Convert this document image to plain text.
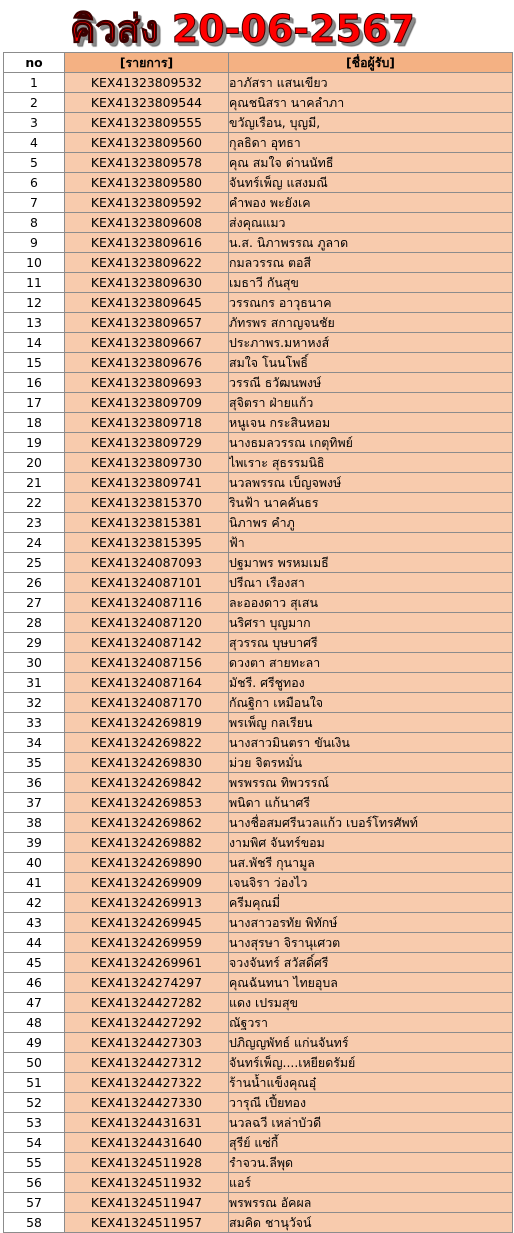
คิวส่ง 20-06-2567
no	[รายการ]	[ชื่อผู้รับ]
1	KEX41323809532	อาภัสรา แสนเขียว
2	KEX41323809544	คุณชนิสรา นาคลำภา
3	KEX41323809555	ขวัญเรือน, บุญมี,
4	KEX41323809560	กุลธิดา อุทธา
5	KEX41323809578	คุณ สมใจ ด่านนัทธี
6	KEX41323809580	จันทร์เพ็ญ แสงมณี
7	KEX41323809592	คำพอง พะยังเค
8	KEX41323809608	ส่งคุณแมว
9	KEX41323809616	น.ส. นิภาพรรณ ภูลาด
10	KEX41323809622	กมลวรรณ ตอสี
11	KEX41323809630	เมธาวี กันสุข
12	KEX41323809645	วรรณกร อาวุธนาค
13	KEX41323809657	ภัทรพร สกาญจนชัย
14	KEX41323809667	ประภาพร.มหาหงส์
15	KEX41323809676	สมใจ โนนโพธิ์
16	KEX41323809693	วรรณี ธวัฒนพงษ์
17	KEX41323809709	สุจิตรา ฝ่ายแก้ว
18	KEX41323809718	หนูเจน กระสินหอม
19	KEX41323809729	นางธมลวรรณ เกตุทิพย์
20	KEX41323809730	ไพเราะ สุธรรมนิธิ
21	KEX41323809741	นวลพรรณ เบ็ญจพงษ์
22	KEX41323815370	รินฟ้า นาคคันธร
23	KEX41323815381	นิภาพร คำภู
24	KEX41323815395	ฟ้า
25	KEX41324087093	ปฐมาพร พรหมเมธี
26	KEX41324087101	ปรีณา เรืองสา
27	KEX41324087116	ละอองดาว สุเสน
28	KEX41324087120	นริศรา บุญมาก
29	KEX41324087142	สุวรรณ บุษบาศรี
30	KEX41324087156	ดวงตา สายทะลา
31	KEX41324087164	มัชรี. ศรีชูทอง
32	KEX41324087170	กัณฐิกา เหมือนใจ
33	KEX41324269819	พรเพ็ญ กลเรียน
34	KEX41324269822	นางสาวมินตรา ขันเงิน
35	KEX41324269830	ม่วย จิตรหมั่น
36	KEX41324269842	พรพรรณ ทิพวรรณ์
37	KEX41324269853	พนิดา แก้นาศรี
38	KEX41324269862	นางชื่อสมศรีนวลแก้ว เบอร์โทรศัพท์
39	KEX41324269882	งามพิศ จันทร์ขอม
40	KEX41324269890	นส.พัชรี กุนามูล
41	KEX41324269909	เจนจิรา ว่องไว
42	KEX41324269913	ครีมคุณมี่
43	KEX41324269945	นางสาวอรทัย พิทักษ์
44	KEX41324269959	นางสุรษา จิรานุเศวต
45	KEX41324269961	จวงจันทร์ สวัสดิ์ศรี
46	KEX41324274297	คุณฉันทนา ไทยอุบล
47	KEX41324427282	แดง เปรมสุข
48	KEX41324427292	ณัฐวรา
49	KEX41324427303	ปภิญญพัทธ์ แก่นจันทร์
50	KEX41324427312	จันทร์เพ็ญ....เหยียดรัมย์
51	KEX41324427322	ร้านน้ำแข็งคุณอุ๋
52	KEX41324427330	วารุณี เปี้ยทอง
53	KEX41324431631	นวลฉวี เหล่าบัวดี
54	KEX41324431640	สุรีย์ แซ่กี้
55	KEX41324511928	รำจวน.ลีพุด
56	KEX41324511932	แอร์
57	KEX41324511947	พรพรรณ อัคผล
58	KEX41324511957	สมคิด ชานุวัจน์
